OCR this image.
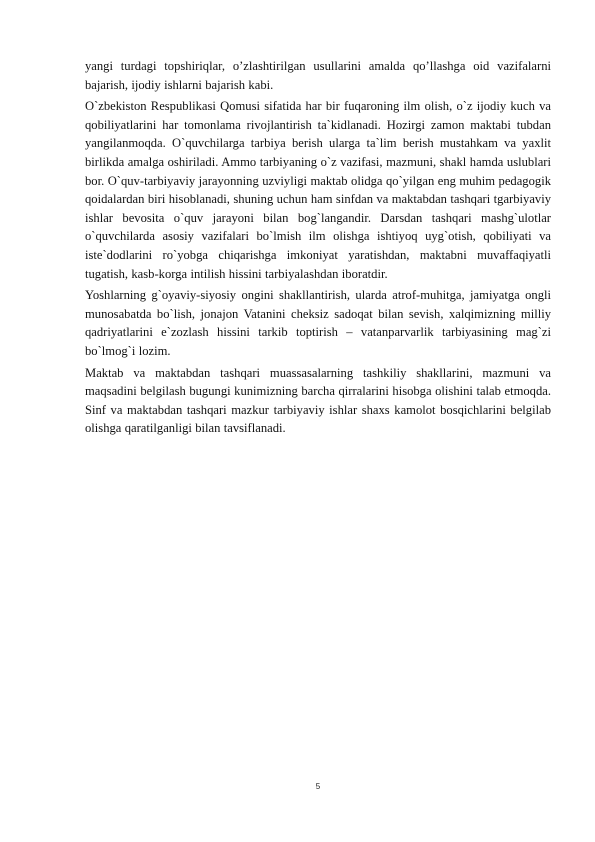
yangi turdagi topshiriqlar, o’zlashtirilgan usullarini amalda qo’llashga oid vazifalarni bajarish, ijodiy ishlarni bajarish kabi.

O`zbekiston Respublikasi Qomusi sifatida har bir fuqaroning ilm olish, o`z ijodiy kuch va qobiliyatlarini har tomonlama rivojlantirish ta`kidlanadi. Hozirgi zamon maktabi tubdan yangilanmoqda. O`quvchilarga tarbiya berish ularga ta`lim berish mustahkam va yaxlit birlikda amalga oshiriladi. Ammo tarbiyaning o`z vazifasi, mazmuni, shakl hamda uslublari bor. O`quv-tarbiyaviy jarayonning uzviyligi maktab olidga qo`yilgan eng muhim pedagogik qoidalardan biri hisoblanadi, shuning uchun ham sinfdan va maktabdan tashqari tgarbiyaviy ishlar bevosita o`quv jarayoni bilan bog`langandir. Darsdan tashqari mashg`ulotlar o`quvchilarda asosiy vazifalari bo`lmish ilm olishga ishtiyoq uyg`otish, qobiliyati va iste`dodlarini ro`yobga chiqarishga imkoniyat yaratishdan, maktabni muvaffaqiyatli tugatish, kasb-korga intilish hissini tarbiyalashdan iboratdir.

Yoshlarning g`oyaviy-siyosiy ongini shakllantirish, ularda atrof-muhitga, jamiyatga ongli munosabatda bo`lish, jonajon Vatanini cheksiz sadoqat bilan sevish, xalqimizning milliy qadriyatlarini e`zozlash hissini tarkib toptirish – vatanparvarlik tarbiyasining mag`zi bo`lmog`i lozim.

Maktab va maktabdan tashqari muassasalarning tashkiliy shakllarini, mazmuni va maqsadini belgilash bugungi kunimizning barcha qirralarini hisobga olishini talab etmoqda. Sinf va maktabdan tashqari mazkur tarbiyaviy ishlar shaxs kamolot bosqichlarini belgilab olishga qaratilganligi bilan tavsiflanadi.

5
